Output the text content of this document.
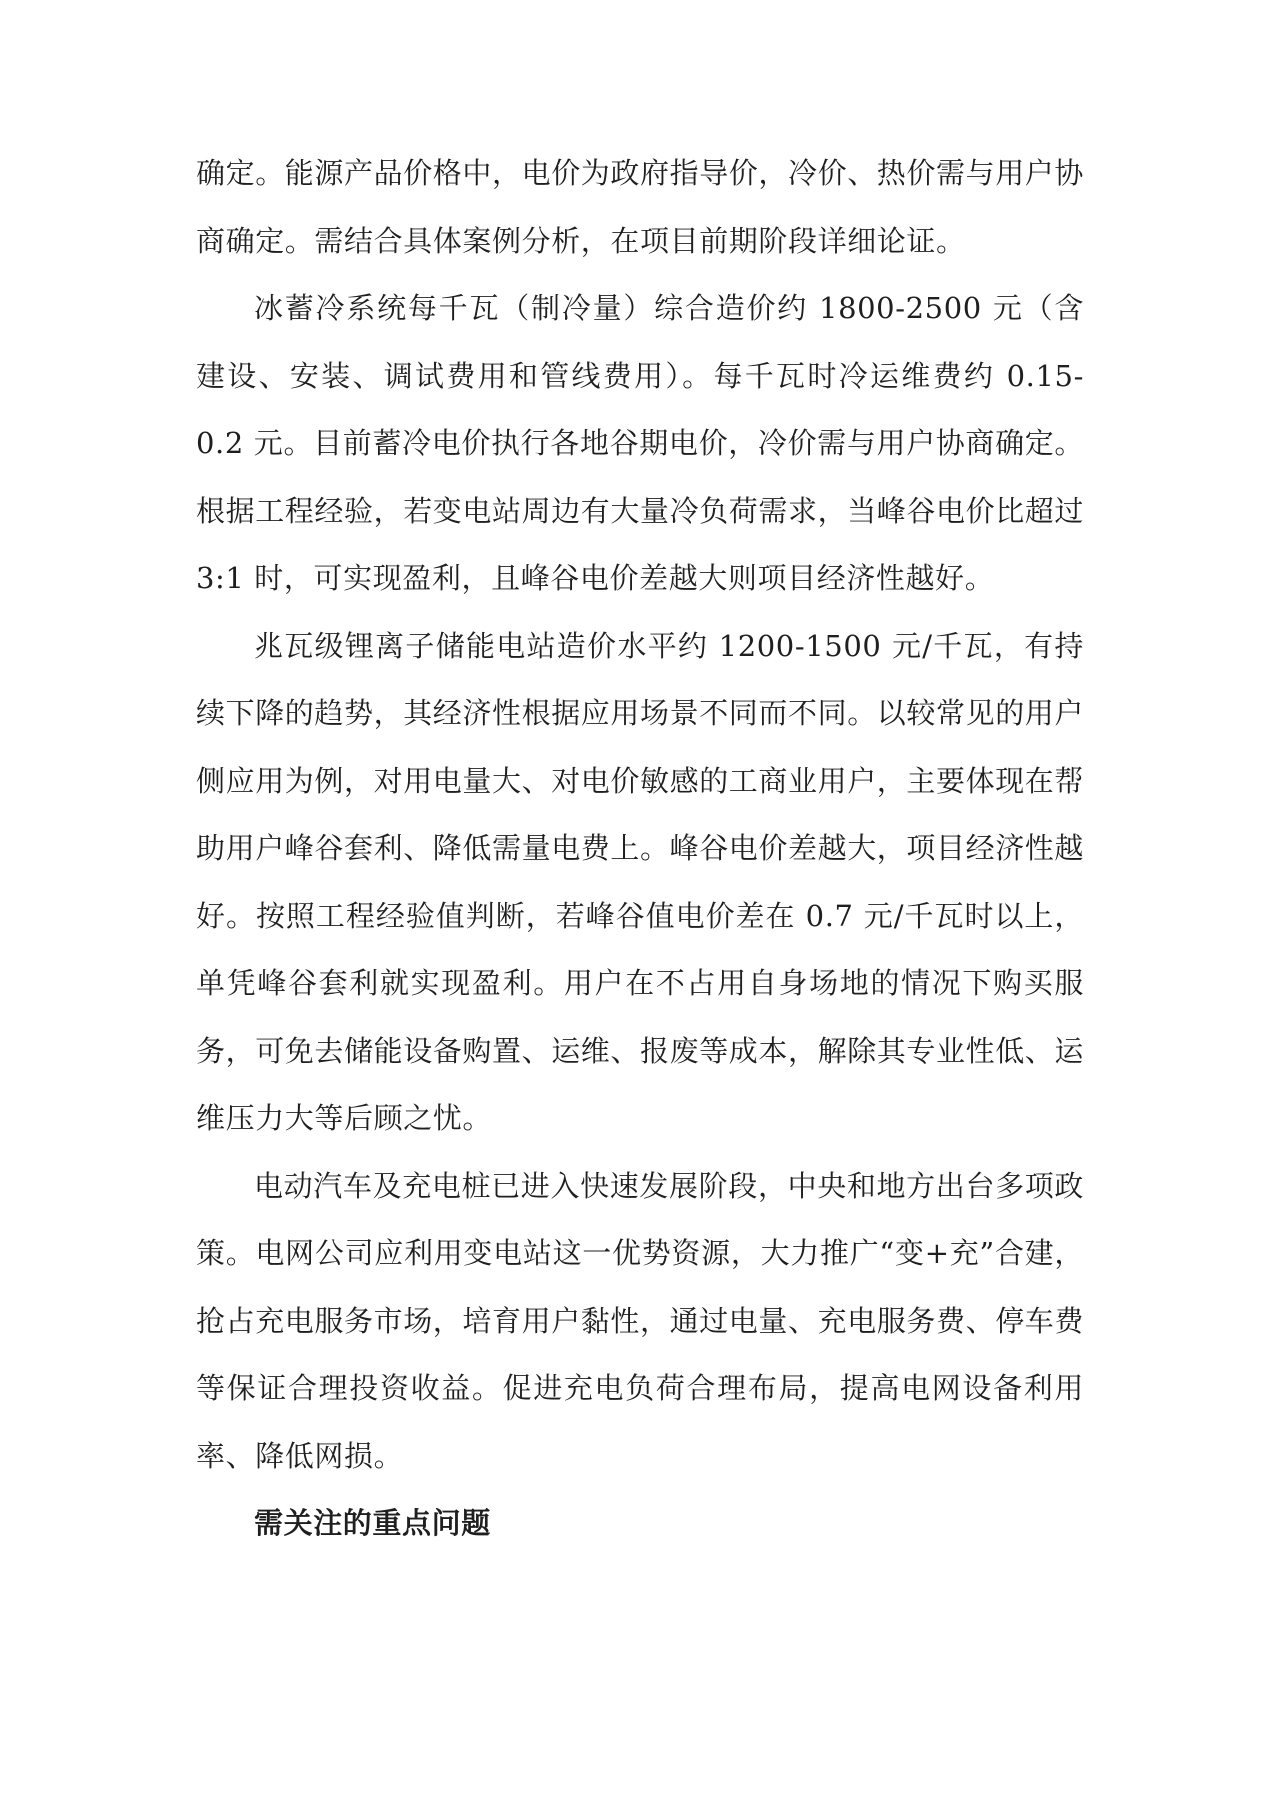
确定。能源产品价格中，电价为政府指导价，冷价、热价需与用户协商确定。需结合具体案例分析，在项目前期阶段详细论证。

冰蓄冷系统每千瓦（制冷量）综合造价约 1800-2500 元（含建设、安装、调试费用和管线费用）。每千瓦时冷运维费约 0.15-0.2 元。目前蓄冷电价执行各地谷期电价，冷价需与用户协商确定。根据工程经验，若变电站周边有大量冷负荷需求，当峰谷电价比超过 3:1 时，可实现盈利，且峰谷电价差越大则项目经济性越好。

兆瓦级锂离子储能电站造价水平约 1200-1500 元/千瓦，有持续下降的趋势，其经济性根据应用场景不同而不同。以较常见的用户侧应用为例，对用电量大、对电价敏感的工商业用户，主要体现在帮助用户峰谷套利、降低需量电费上。峰谷电价差越大，项目经济性越好。按照工程经验值判断，若峰谷值电价差在 0.7 元/千瓦时以上，单凭峰谷套利就实现盈利。用户在不占用自身场地的情况下购买服务，可免去储能设备购置、运维、报废等成本，解除其专业性低、运维压力大等后顾之忧。

电动汽车及充电桩已进入快速发展阶段，中央和地方出台多项政策。电网公司应利用变电站这一优势资源，大力推广“变+充”合建，抢占充电服务市场，培育用户黏性，通过电量、充电服务费、停车费等保证合理投资收益。促进充电负荷合理布局，提高电网设备利用率、降低网损。

需关注的重点问题
